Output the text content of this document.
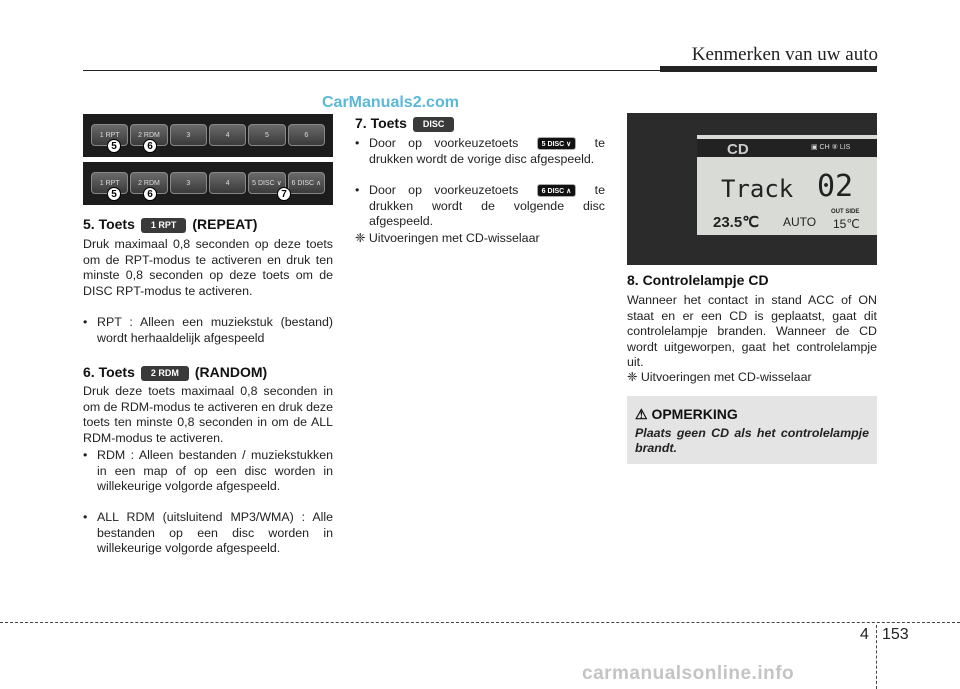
Kenmerken van uw auto
CarManuals2.com
1 RPT	2 RDM	3	4	5	6
5	6
1 RPT	2 RDM	3	4	5 DISC ∨	6 DISC ∧
5	6	7
5. Toets 1 RPT (REPEAT)
Druk maximaal 0,8 seconden op deze toets om de RPT-modus te activeren en druk ten minste 0,8 seconden op deze toets om de DISC RPT-modus te activeren.
• RPT : Alleen een muziekstuk (bestand) wordt herhaaldelijk afgespeeld
6. Toets 2 RDM (RANDOM)
Druk deze toets maximaal 0,8 seconden in om de RDM-modus te activeren en druk deze toets ten minste 0,8 seconden in om de ALL RDM-modus te activeren.
• RDM : Alleen bestanden / muziekstukken in een map of op een disc worden in willekeurige volgorde afgespeeld.
• ALL RDM (uitsluitend MP3/WMA) : Alle bestanden op een disc worden in willekeurige volgorde afgespeeld.
7. Toets DISC
• Door op voorkeuzetoets	5 DISC ∨ te drukken wordt de vorige disc afgespeeld.
• Door op voorkeuzetoets	6 DISC ∧ te drukken wordt de volgende disc afgespeeld.
❈ Uitvoeringen met CD-wisselaar
CD	▣ CH ⑧ LIS
Track 02
23.5℃ AUTO
OUT SIDE
15℃
8. Controlelampje CD
Wanneer het contact in stand ACC of ON staat en er een CD is geplaatst, gaat dit controlelampje branden. Wanneer de CD wordt uitgeworpen, gaat het controlelampje uit.
❈ Uitvoeringen met CD-wisselaar
⚠ OPMERKING
Plaats geen CD als het controlelampje brandt.
4 153
carmanualsonline.info
